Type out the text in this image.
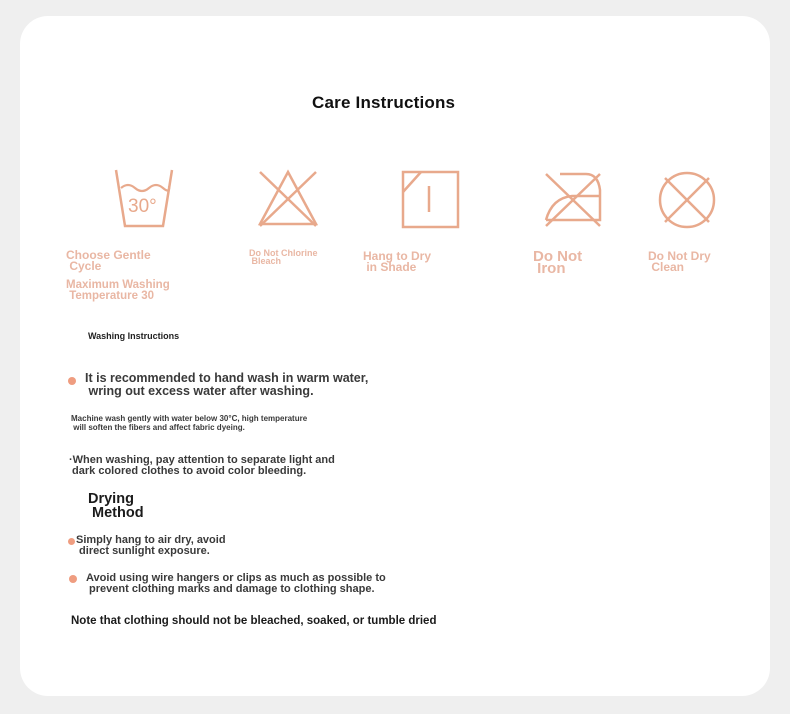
Care Instructions
30°
Choose Gentle
Cycle
Do Not Chlorine
Bleach	Hang to Dry
in Shade
Do Not
Iron
Do Not Dry
Clean
Maximum Washing
Temperature 30
Washing Instructions
It is recommended to hand wash in warm water,
wring out excess water after washing.
Machine wash gently with water below 30°C, high temperature
will soften the fibers and affect fabric dyeing.
·When washing, pay attention to separate light and
dark colored clothes to avoid color bleeding.
Drying
Method
Simply hang to air dry, avoid
direct sunlight exposure.
Avoid using wire hangers or clips as much as possible to
prevent clothing marks and damage to clothing shape.
Note that clothing should not be bleached, soaked, or tumble dried
